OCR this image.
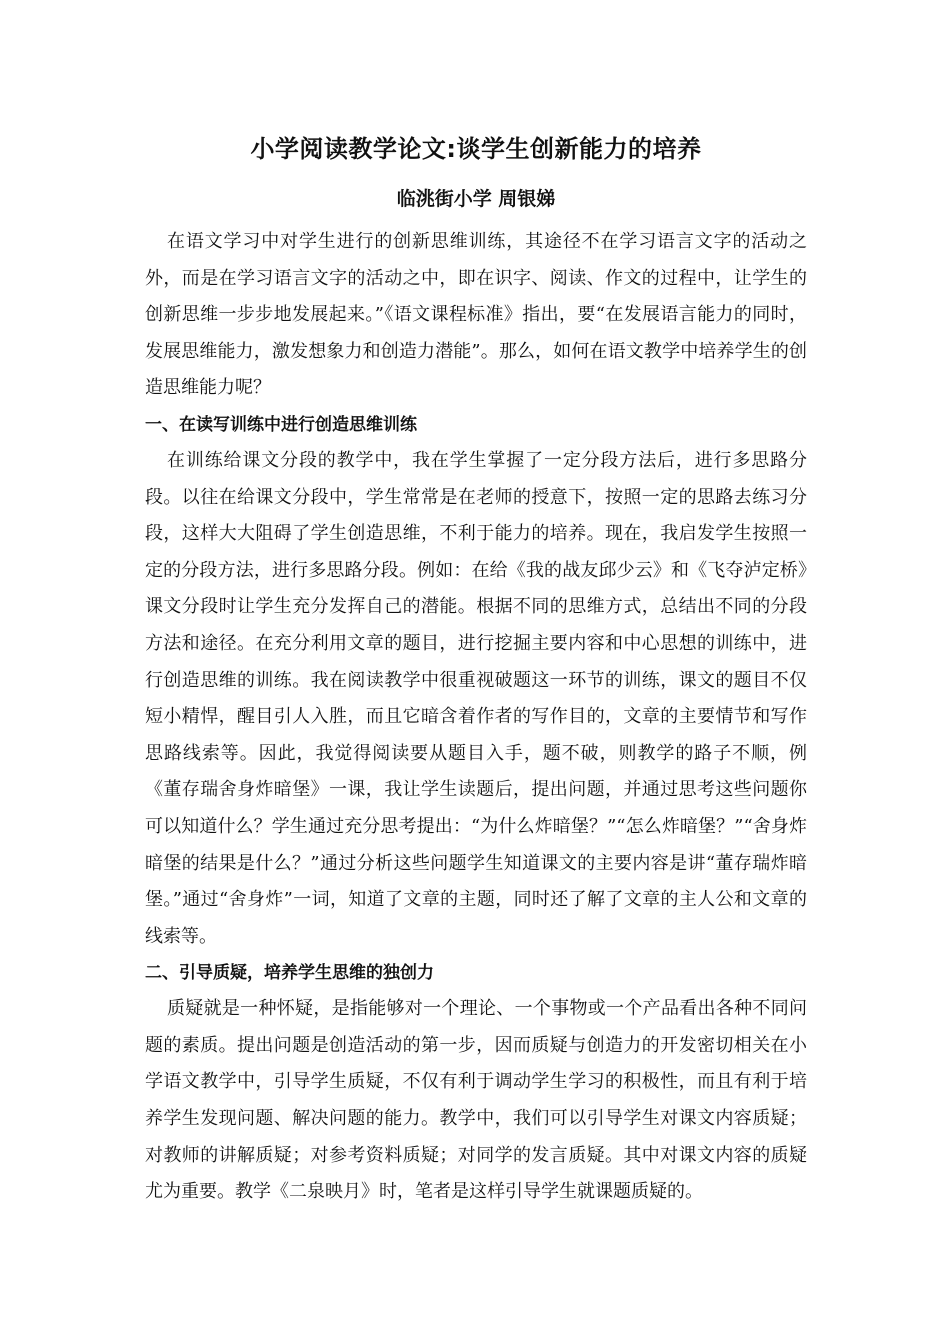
小学阅读教学论文:谈学生创新能力的培养
临洮街小学 周银娣

在语文学习中对学生进行的创新思维训练，其途径不在学习语言文字的活动之外，而是在学习语言文字的活动之中，即在识字、阅读、作文的过程中，让学生的创新思维一步步地发展起来。”《语文课程标准》指出，要“在发展语言能力的同时，发展思维能力，激发想象力和创造力潜能”。那么，如何在语文教学中培养学生的创造思维能力呢？

一、在读写训练中进行创造思维训练

在训练给课文分段的教学中，我在学生掌握了一定分段方法后，进行多思路分段。以往在给课文分段中，学生常常是在老师的授意下，按照一定的思路去练习分段，这样大大阻碍了学生创造思维，不利于能力的培养。现在，我启发学生按照一定的分段方法，进行多思路分段。例如：在给《我的战友邱少云》和《飞夺泸定桥》课文分段时让学生充分发挥自己的潜能。根据不同的思维方式，总结出不同的分段方法和途径。在充分利用文章的题目，进行挖掘主要内容和中心思想的训练中，进行创造思维的训练。我在阅读教学中很重视破题这一环节的训练，课文的题目不仅短小精悍，醒目引人入胜，而且它暗含着作者的写作目的，文章的主要情节和写作思路线索等。因此，我觉得阅读要从题目入手，题不破，则教学的路子不顺，例《董存瑞舍身炸暗堡》一课，我让学生读题后，提出问题，并通过思考这些问题你可以知道什么？学生通过充分思考提出：“为什么炸暗堡？”“怎么炸暗堡？”“舍身炸暗堡的结果是什么？”通过分析这些问题学生知道课文的主要内容是讲“董存瑞炸暗堡。”通过“舍身炸”一词，知道了文章的主题，同时还了解了文章的主人公和文章的线索等。

二、引导质疑，培养学生思维的独创力

质疑就是一种怀疑，是指能够对一个理论、一个事物或一个产品看出各种不同问题的素质。提出问题是创造活动的第一步，因而质疑与创造力的开发密切相关在小学语文教学中，引导学生质疑，不仅有利于调动学生学习的积极性，而且有利于培养学生发现问题、解决问题的能力。教学中，我们可以引导学生对课文内容质疑；对教师的讲解质疑；对参考资料质疑；对同学的发言质疑。其中对课文内容的质疑尤为重要。教学《二泉映月》时，笔者是这样引导学生就课题质疑的。
